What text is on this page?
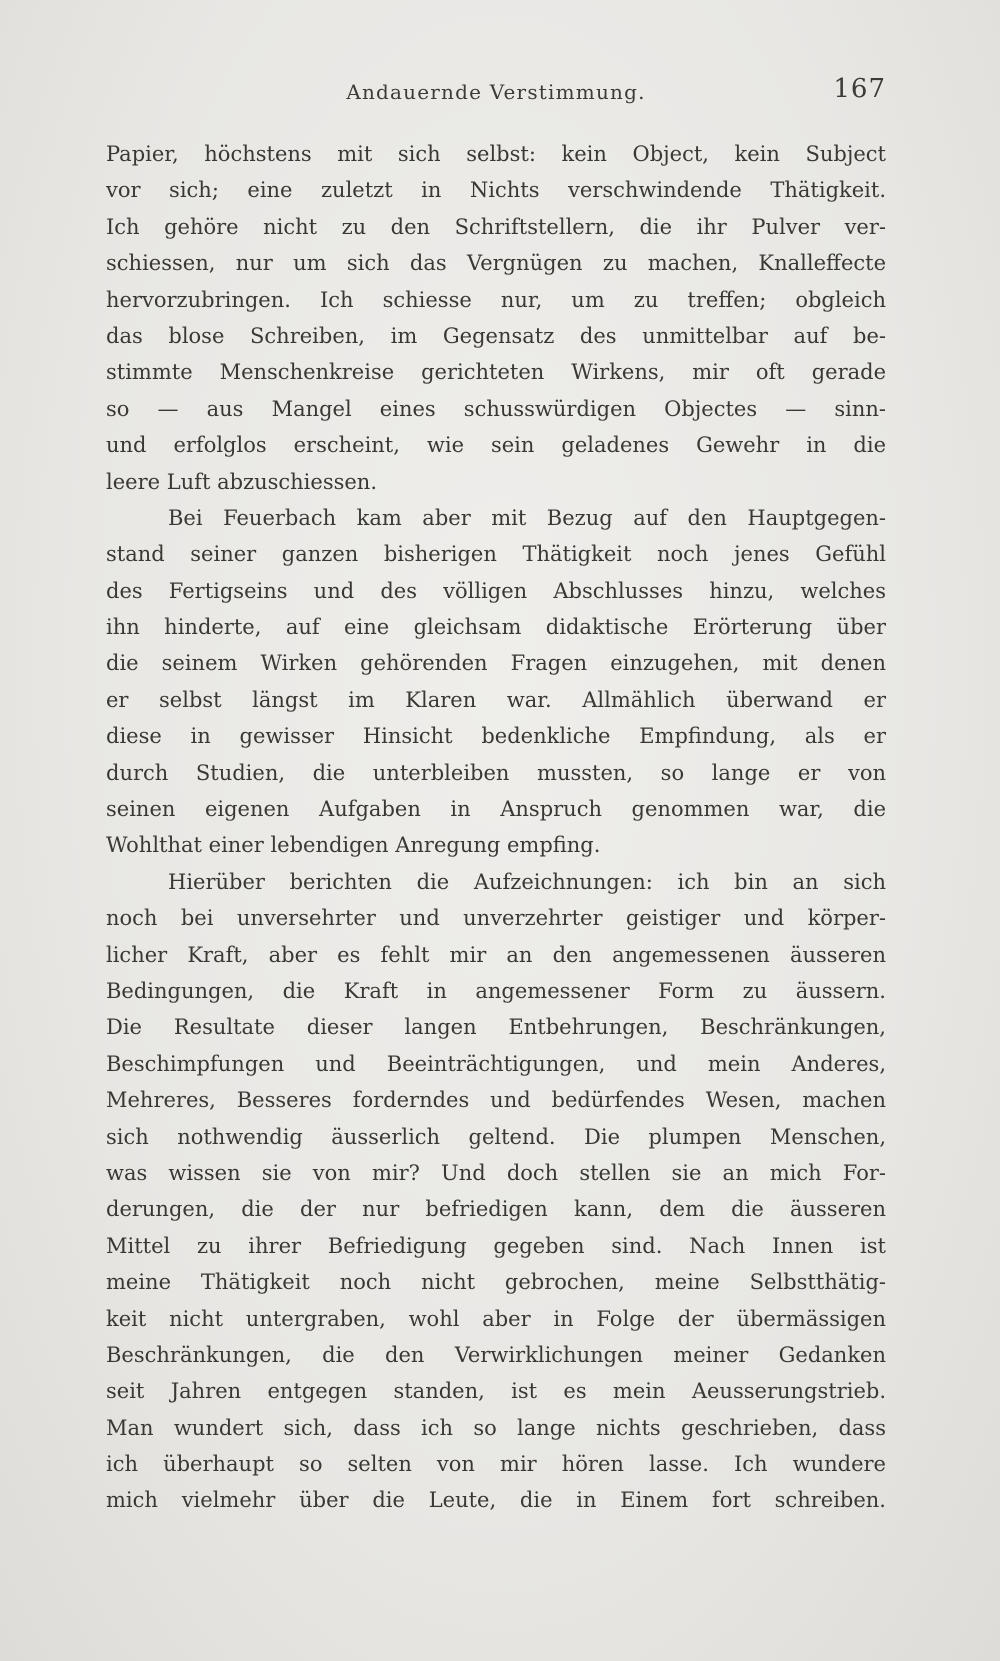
Andauernde Verstimmung.	167
Papier, höchstens mit sich selbst: kein Object, kein Subject
vor sich; eine zuletzt in Nichts verschwindende Thätigkeit.
Ich gehöre nicht zu den Schriftstellern, die ihr Pulver ver-
schiessen, nur um sich das Vergnügen zu machen, Knalleffecte
hervorzubringen. Ich schiesse nur, um zu treffen; obgleich
das blose Schreiben, im Gegensatz des unmittelbar auf be-
stimmte Menschenkreise gerichteten Wirkens, mir oft gerade
so — aus Mangel eines schusswürdigen Objectes — sinn-
und erfolglos erscheint, wie sein geladenes Gewehr in die
leere Luft abzuschiessen.
Bei Feuerbach kam aber mit Bezug auf den Hauptgegen-
stand seiner ganzen bisherigen Thätigkeit noch jenes Gefühl
des Fertigseins und des völligen Abschlusses hinzu, welches
ihn hinderte, auf eine gleichsam didaktische Erörterung über
die seinem Wirken gehörenden Fragen einzugehen, mit denen
er selbst längst im Klaren war. Allmählich überwand er
diese in gewisser Hinsicht bedenkliche Empfindung, als er
durch Studien, die unterbleiben mussten, so lange er von
seinen eigenen Aufgaben in Anspruch genommen war, die
Wohlthat einer lebendigen Anregung empfing.
Hierüber berichten die Aufzeichnungen: ich bin an sich
noch bei unversehrter und unverzehrter geistiger und körper-
licher Kraft, aber es fehlt mir an den angemessenen äusseren
Bedingungen, die Kraft in angemessener Form zu äussern.
Die Resultate dieser langen Entbehrungen, Beschränkungen,
Beschimpfungen und Beeinträchtigungen, und mein Anderes,
Mehreres, Besseres forderndes und bedürfendes Wesen, machen
sich nothwendig äusserlich geltend. Die plumpen Menschen,
was wissen sie von mir? Und doch stellen sie an mich For-
derungen, die der nur befriedigen kann, dem die äusseren
Mittel zu ihrer Befriedigung gegeben sind. Nach Innen ist
meine Thätigkeit noch nicht gebrochen, meine Selbstthätig-
keit nicht untergraben, wohl aber in Folge der übermässigen
Beschränkungen, die den Verwirklichungen meiner Gedanken
seit Jahren entgegen standen, ist es mein Aeusserungstrieb.
Man wundert sich, dass ich so lange nichts geschrieben, dass
ich überhaupt so selten von mir hören lasse. Ich wundere
mich vielmehr über die Leute, die in Einem fort schreiben.
